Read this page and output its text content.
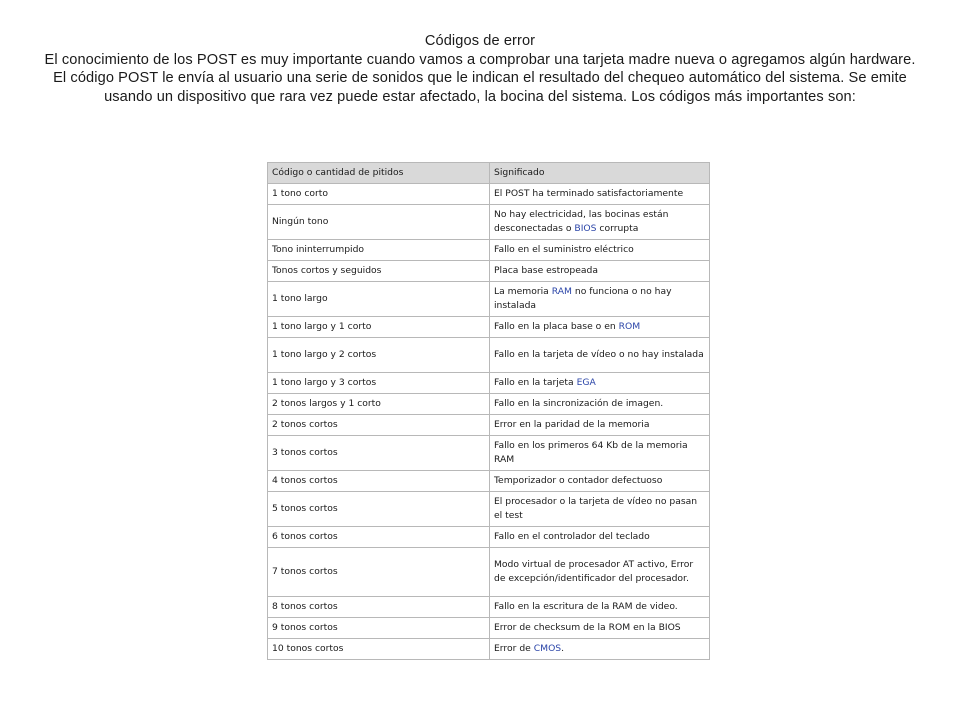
Códigos de error

El conocimiento de los POST es muy importante cuando vamos a comprobar una tarjeta madre nueva o agregamos algún hardware.

El código POST le envía al usuario una serie de sonidos que le indican el resultado del chequeo automático del sistema. Se emite usando un dispositivo que rara vez puede estar afectado, la bocina del sistema. Los códigos más importantes son:

Código o cantidad de pitidos	Significado
1 tono corto	El POST ha terminado satisfactoriamente
Ningún tono	No hay electricidad, las bocinas están desconectadas o BIOS corrupta
Tono ininterrumpido	Fallo en el suministro eléctrico
Tonos cortos y seguidos	Placa base estropeada
1 tono largo	La memoria RAM no funciona o no hay instalada
1 tono largo y 1 corto	Fallo en la placa base o en ROM
1 tono largo y 2 cortos	Fallo en la tarjeta de vídeo o no hay instalada
1 tono largo y 3 cortos	Fallo en la tarjeta EGA
2 tonos largos y 1 corto	Fallo en la sincronización de imagen.
2 tonos cortos	Error en la paridad de la memoria
3 tonos cortos	Fallo en los primeros 64 Kb de la memoria RAM
4 tonos cortos	Temporizador o contador defectuoso
5 tonos cortos	El procesador o la tarjeta de vídeo no pasan el test
6 tonos cortos	Fallo en el controlador del teclado
7 tonos cortos	Modo virtual de procesador AT activo, Error de excepción/identificador del procesador.
8 tonos cortos	Fallo en la escritura de la RAM de video.
9 tonos cortos	Error de checksum de la ROM en la BIOS
10 tonos cortos	Error de CMOS.
